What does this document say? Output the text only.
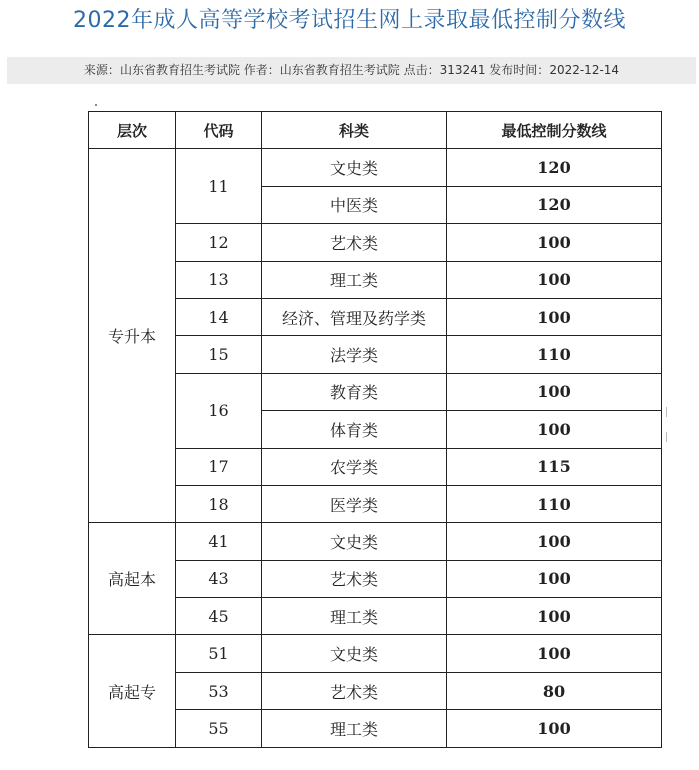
2022年成人高等学校考试招生网上录取最低控制分数线
来源：山东省教育招生考试院 作者：山东省教育招生考试院 点击：313241 发布时间：2022-12-14
层次	代码	科类	最低控制分数线
专升本	11	文史类	120
		中医类	120
	12	艺术类	100
	13	理工类	100
	14	经济、管理及药学类	100
	15	法学类	110
	16	教育类	100
		体育类	100
	17	农学类	115
	18	医学类	110
高起本	41	文史类	100
	43	艺术类	100
	45	理工类	100
高起专	51	文史类	100
	53	艺术类	80
	55	理工类	100
